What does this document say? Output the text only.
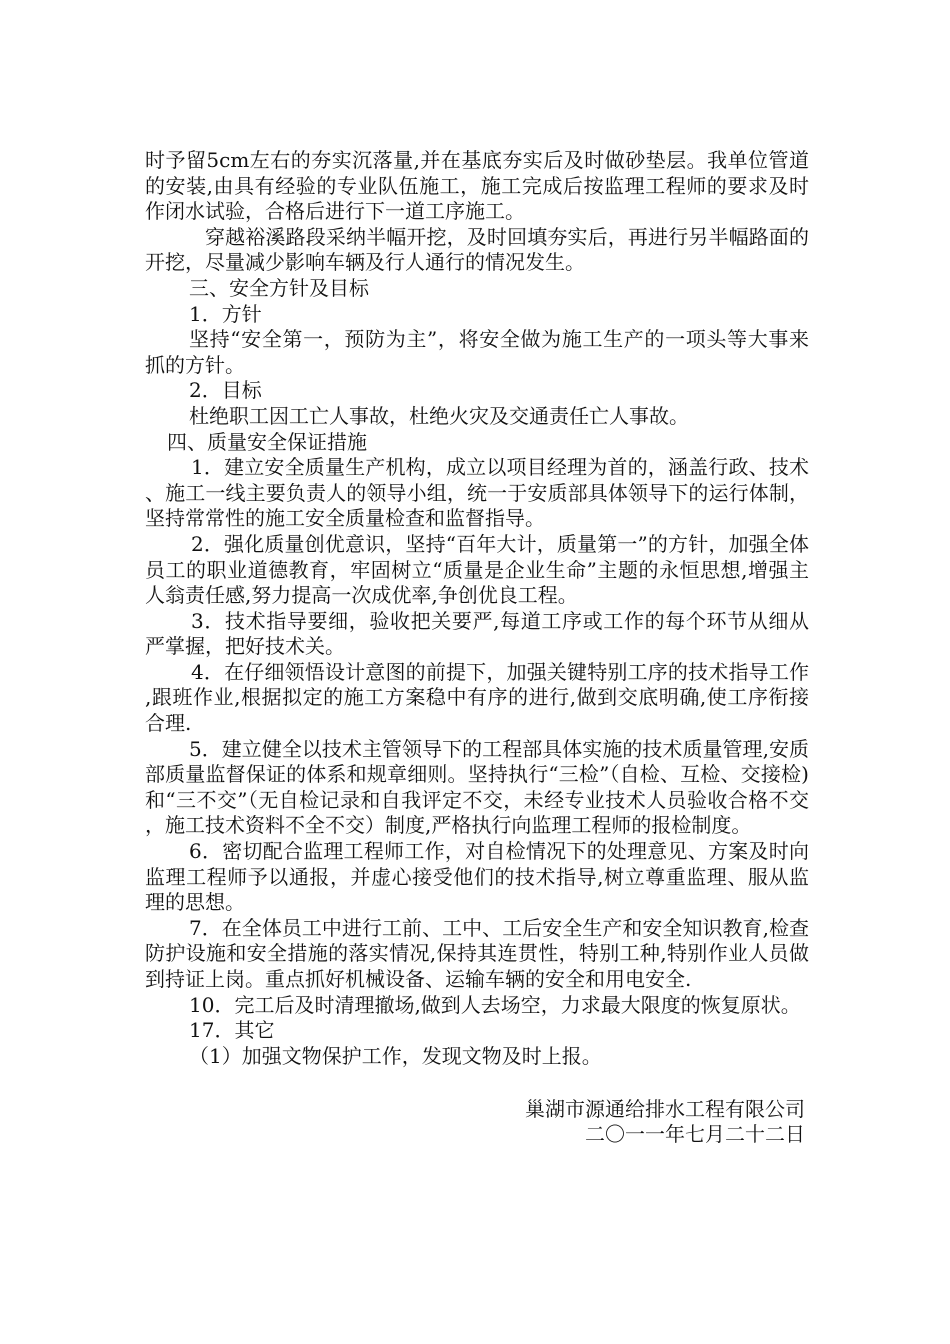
时予留5cm左右的夯实沉落量,并在基底夯实后及时做砂垫层。我单位管道的安装,由具有经验的专业队伍施工，施工完成后按监理工程师的要求及时作闭水试验，合格后进行下一道工序施工。

穿越裕溪路段采纳半幅开挖，及时回填夯实后，再进行另半幅路面的开挖，尽量减少影响车辆及行人通行的情况发生。

三、安全方针及目标

1．方针

坚持“安全第一，预防为主”，将安全做为施工生产的一项头等大事来抓的方针。

2．目标

杜绝职工因工亡人事故，杜绝火灾及交通责任亡人事故。

四、质量安全保证措施

1．建立安全质量生产机构，成立以项目经理为首的，涵盖行政、技术、施工一线主要负责人的领导小组，统一于安质部具体领导下的运行体制，坚持常常性的施工安全质量检查和监督指导。

2．强化质量创优意识，坚持“百年大计，质量第一”的方针，加强全体员工的职业道德教育，牢固树立“质量是企业生命”主题的永恒思想,增强主人翁责任感,努力提高一次成优率,争创优良工程。

3．技术指导要细，验收把关要严,每道工序或工作的每个环节从细从严掌握，把好技术关。

4．在仔细领悟设计意图的前提下，加强关键特别工序的技术指导工作,跟班作业,根据拟定的施工方案稳中有序的进行,做到交底明确,使工序衔接合理.

5．建立健全以技术主管领导下的工程部具体实施的技术质量管理,安质部质量监督保证的体系和规章细则。坚持执行“三检”（自检、互检、交接检)和“三不交”（无自检记录和自我评定不交，未经专业技术人员验收合格不交，施工技术资料不全不交）制度,严格执行向监理工程师的报检制度。

6．密切配合监理工程师工作，对自检情况下的处理意见、方案及时向监理工程师予以通报，并虚心接受他们的技术指导,树立尊重监理、服从监理的思想。

7．在全体员工中进行工前、工中、工后安全生产和安全知识教育,检查防护设施和安全措施的落实情况,保持其连贯性，特别工种,特别作业人员做到持证上岗。重点抓好机械设备、运输车辆的安全和用电安全.

10．完工后及时清理撤场,做到人去场空，力求最大限度的恢复原状。

17．其它

（1）加强文物保护工作，发现文物及时上报。

巢湖市源通给排水工程有限公司
二〇一一年七月二十二日
